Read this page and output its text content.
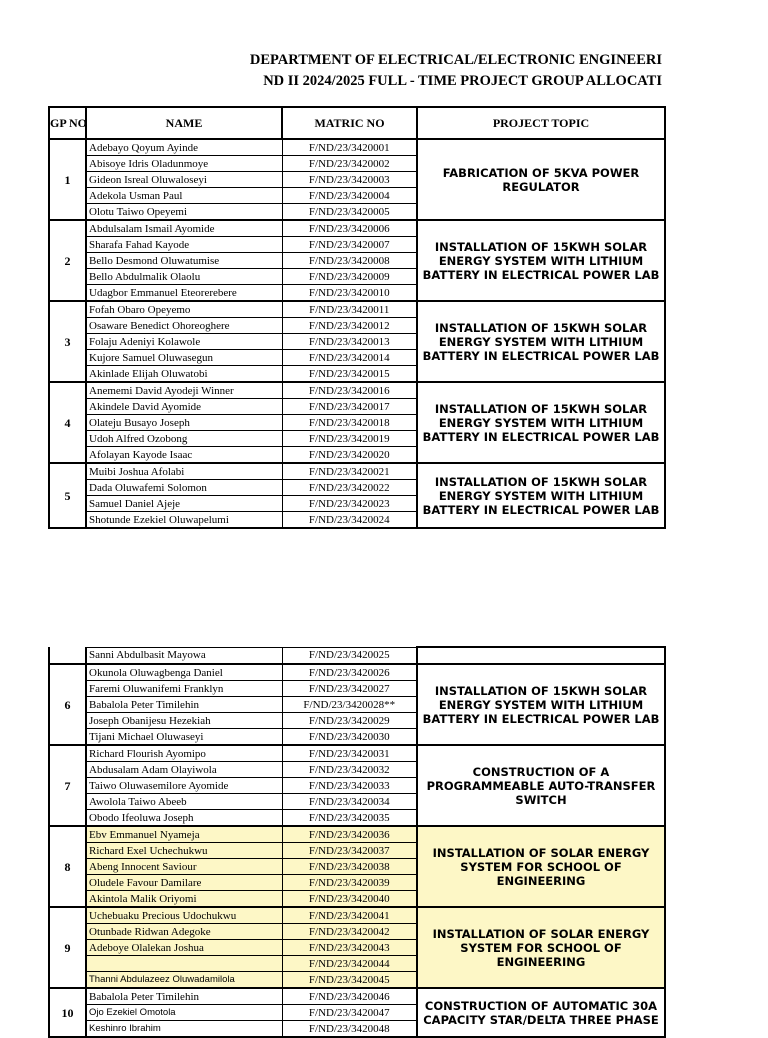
DEPARTMENT OF ELECTRICAL/ELECTRONIC ENGINEERI
ND II 2024/2025 FULL - TIME PROJECT GROUP ALLOCATI
GP NO	NAME	MATRIC NO	PROJECT TOPIC
1	Adebayo Qoyum Ayinde	F/ND/23/3420001	FABRICATION OF 5KVA POWER REGULATOR
	Abisoye Idris Oladunmoye	F/ND/23/3420002	
	Gideon Isreal Oluwaloseyi	F/ND/23/3420003	
	Adekola Usman Paul	F/ND/23/3420004	
	Olotu Taiwo Opeyemi	F/ND/23/3420005	
2	Abdulsalam Ismail Ayomide	F/ND/23/3420006	INSTALLATION OF 15KWH SOLAR ENERGY SYSTEM WITH LITHIUM BATTERY IN ELECTRICAL POWER LAB
	Sharafa Fahad Kayode	F/ND/23/3420007	
	Bello Desmond Oluwatumise	F/ND/23/3420008	
	Bello Abdulmalik Olaolu	F/ND/23/3420009	
	Udagbor Emmanuel Eteorerebere	F/ND/23/3420010	
3	Fofah Obaro Opeyemo	F/ND/23/3420011	INSTALLATION OF 15KWH SOLAR ENERGY SYSTEM WITH LITHIUM BATTERY IN ELECTRICAL POWER LAB
	Osaware Benedict Ohoreoghere	F/ND/23/3420012	
	Folaju Adeniyi Kolawole	F/ND/23/3420013	
	Kujore Samuel Oluwasegun	F/ND/23/3420014	
	Akinlade Elijah Oluwatobi	F/ND/23/3420015	
4	Anememi David Ayodeji Winner	F/ND/23/3420016	INSTALLATION OF 15KWH SOLAR ENERGY SYSTEM WITH LITHIUM BATTERY IN ELECTRICAL POWER LAB
	Akindele David Ayomide	F/ND/23/3420017	
	Olateju Busayo Joseph	F/ND/23/3420018	
	Udoh Alfred Ozobong	F/ND/23/3420019	
	Afolayan Kayode Isaac	F/ND/23/3420020	
5	Muibi Joshua Afolabi	F/ND/23/3420021	INSTALLATION OF 15KWH SOLAR ENERGY SYSTEM WITH LITHIUM BATTERY IN ELECTRICAL POWER LAB
	Dada Oluwafemi Solomon	F/ND/23/3420022	
	Samuel Daniel Ajeje	F/ND/23/3420023	
	Shotunde Ezekiel Oluwapelumi	F/ND/23/3420024	
	Sanni Abdulbasit Mayowa	F/ND/23/3420025	
6	Okunola Oluwagbenga Daniel	F/ND/23/3420026	INSTALLATION OF 15KWH SOLAR ENERGY SYSTEM WITH LITHIUM BATTERY IN ELECTRICAL POWER LAB
	Faremi Oluwanifemi Franklyn	F/ND/23/3420027	
	Babalola Peter Timilehin	F/ND/23/3420028**	
	Joseph Obanijesu Hezekiah	F/ND/23/3420029	
	Tijani Michael Oluwaseyi	F/ND/23/3420030	
7	Richard Flourish Ayomipo	F/ND/23/3420031	CONSTRUCTION OF A PROGRAMMEABLE AUTO-TRANSFER SWITCH
	Abdusalam Adam Olayiwola	F/ND/23/3420032	
	Taiwo Oluwasemilore Ayomide	F/ND/23/3420033	
	Awolola Taiwo Abeeb	F/ND/23/3420034	
	Obodo Ifeoluwa Joseph	F/ND/23/3420035	
8	Ebv Emmanuel Nyameja	F/ND/23/3420036	INSTALLATION OF SOLAR ENERGY SYSTEM FOR SCHOOL OF ENGINEERING
	Richard Exel Uchechukwu	F/ND/23/3420037	
	Abeng Innocent Saviour	F/ND/23/3420038	
	Oludele Favour Damilare	F/ND/23/3420039	
	Akintola Malik Oriyomi	F/ND/23/3420040	
9	Uchebuaku Precious Udochukwu	F/ND/23/3420041	INSTALLATION OF SOLAR ENERGY SYSTEM FOR SCHOOL OF ENGINEERING
	Otunbade Ridwan Adegoke	F/ND/23/3420042	
	Adeboye Olalekan Joshua	F/ND/23/3420043	
		F/ND/23/3420044	
	Thanni Abdulazeez Oluwadamilola	F/ND/23/3420045	
10	Babalola Peter Timilehin	F/ND/23/3420046	CONSTRUCTION OF AUTOMATIC 30A CAPACITY STAR/DELTA THREE PHASE
	Ojo Ezekiel Omotola	F/ND/23/3420047	
	Keshinro Ibrahim	F/ND/23/3420048	
